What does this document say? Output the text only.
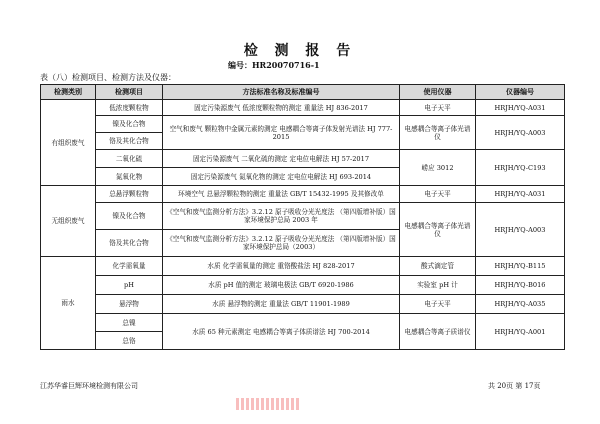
检 测 报 告
编号：HR20070716-1
表（八）检测项目、检测方法及仪器：
检测类别	检测项目	方法标准名称及标准编号	使用仪器	仪器编号
有组织废气	低浓度颗粒物	固定污染源废气 低浓度颗粒物的测定 重量法 HJ 836-2017	电子天平	HRJH/YQ-A031
	镍及化合物	空气和废气 颗粒物中金属元素的测定 电感耦合等离子体发射光谱法 HJ 777-2015	电感耦合等离子体光谱仪	HRJH/YQ-A003
	铬及其化合物			
	二氧化硫	固定污染源废气 二氧化硫的测定 定电位电解法 HJ 57-2017	崂应 3012	HRJH/YQ-C193
	氮氧化物	固定污染源废气 氮氧化物的测定 定电位电解法 HJ 693-2014		
无组织废气	总悬浮颗粒物	环境空气 总悬浮颗粒物的测定 重量法 GB/T 15432-1995 及其修改单	电子天平	HRJH/YQ-A031
	镍及化合物	《空气和废气监测分析方法》3.2.12 原子吸收分光光度法 （第四版增补版）国家环境保护总局 2003 年	电感耦合等离子体光谱仪	HRJH/YQ-A003
	铬及其化合物	《空气和废气监测分析方法》3.2.12 原子吸收分光光度法 （第四版增补版）国家环境保护总局（2003）		
雨水	化学需氧量	水质 化学需氧量的测定 重铬酸盐法 HJ 828-2017	酸式滴定管	HRJH/YQ-B115
	pH	水质 pH 值的测定 玻璃电极法 GB/T 6920-1986	实验室 pH 计	HRJH/YQ-B016
	悬浮物	水质 悬浮物的测定 重量法 GB/T 11901-1989	电子天平	HRJH/YQ-A035
	总镍	水质 65 种元素测定 电感耦合等离子体质谱法 HJ 700-2014	电感耦合等离子质谱仪	HRJH/YQ-A001
	总铬			
江苏华睿巨辉环境检测有限公司	共 20页 第 17页
